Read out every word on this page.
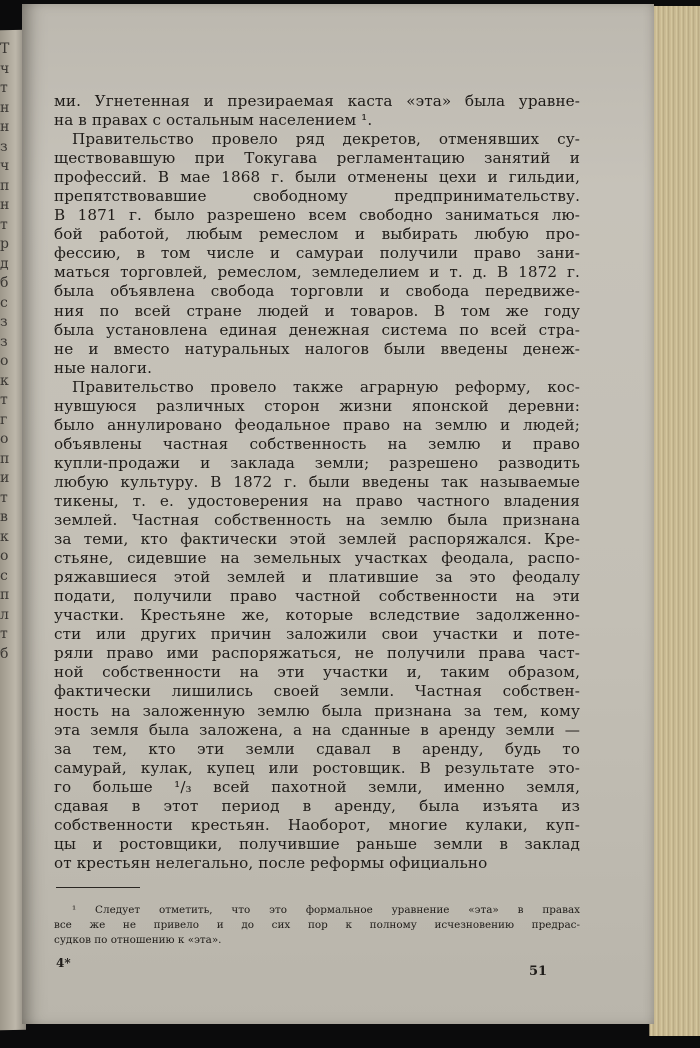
Т
ч
т
н
н
з
ч
п
н
т
р
д
б
с
з
з
о
к
т
г
о
п
и
т
в
к
о
с
п
л
т
б
ми. Угнетенная и презираемая каста «эта» была уравне-
на в правах с остальным населением ¹.
Правительство провело ряд декретов, отменявших су-
ществовавшую при Токугава регламентацию занятий и
профессий. В мае 1868 г. были отменены цехи и гильдии,
препятствовавшие свободному предпринимательству.
В 1871 г. было разрешено всем свободно заниматься лю-
бой работой, любым ремеслом и выбирать любую про-
фессию, в том числе и самураи получили право зани-
маться торговлей, ремеслом, земледелием и т. д. В 1872 г.
была объявлена свобода торговли и свобода передвиже-
ния по всей стране людей и товаров. В том же году
была установлена единая денежная система по всей стра-
не и вместо натуральных налогов были введены денеж-
ные налоги.
Правительство провело также аграрную реформу, кос-
нувшуюся различных сторон жизни японской деревни:
было аннулировано феодальное право на землю и людей;
объявлены частная собственность на землю и право
купли-продажи и заклада земли; разрешено разводить
любую культуру. В 1872 г. были введены так называемые
тикены, т. е. удостоверения на право частного владения
землей. Частная собственность на землю была признана
за теми, кто фактически этой землей распоряжался. Кре-
стьяне, сидевшие на земельных участках феодала, распо-
ряжавшиеся этой землей и платившие за это феодалу
подати, получили право частной собственности на эти
участки. Крестьяне же, которые вследствие задолженно-
сти или других причин заложили свои участки и поте-
ряли право ими распоряжаться, не получили права част-
ной собственности на эти участки и, таким образом,
фактически лишились своей земли. Частная собствен-
ность на заложенную землю была признана за тем, кому
эта земля была заложена, а на сданные в аренду земли —
за тем, кто эти земли сдавал в аренду, будь то
самурай, кулак, купец или ростовщик. В результате это-
го больше ¹/₃ всей пахотной земли, именно земля,
сдавая в этот период в аренду, была изъята из
собственности крестьян. Наоборот, многие кулаки, куп-
цы и ростовщики, получившие раньше земли в заклад
от крестьян нелегально, после реформы официально
¹ Следует отметить, что это формальное уравнение «эта» в правах
все же не привело и до сих пор к полному исчезновению предрас-
судков по отношению к «эта».
4*
51
